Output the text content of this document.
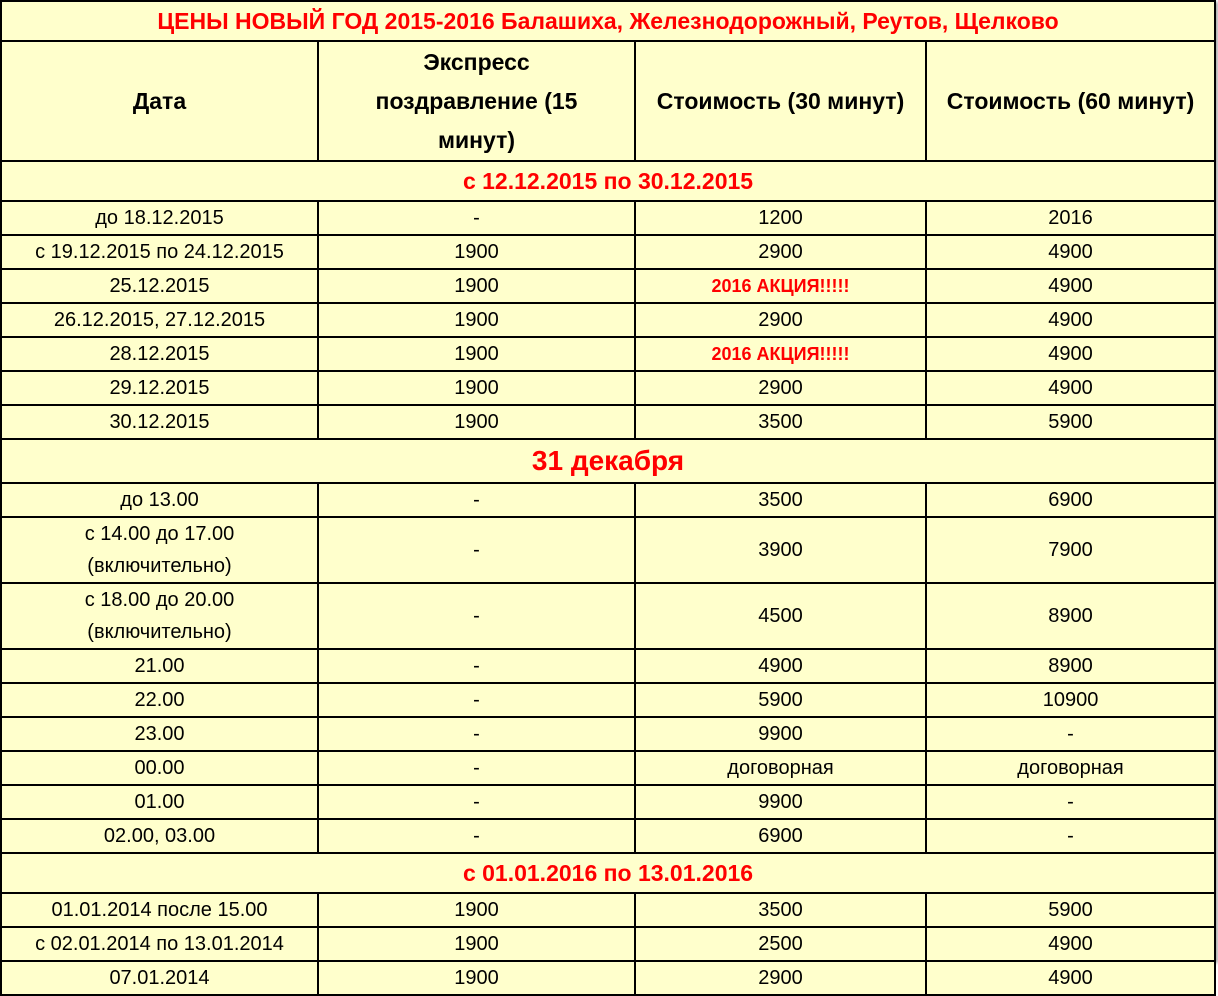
ЦЕНЫ НОВЫЙ ГОД 2015-2016 Балашиха, Железнодорожный, Реутов, Щелково			
Дата	Экспресс поздравление (15 минут)	Стоимость (30 минут)	Стоимость (60 минут)
с 12.12.2015 по 30.12.2015			
до 18.12.2015	-	1200	2016
с 19.12.2015 по 24.12.2015	1900	2900	4900
25.12.2015	1900	2016 АКЦИЯ!!!!!	4900
26.12.2015, 27.12.2015	1900	2900	4900
28.12.2015	1900	2016 АКЦИЯ!!!!!	4900
29.12.2015	1900	2900	4900
30.12.2015	1900	3500	5900
31 декабря			
до 13.00	-	3500	6900
с 14.00 до 17.00 (включительно)	-	3900	7900
с 18.00 до 20.00 (включительно)	-	4500	8900
21.00	-	4900	8900
22.00	-	5900	10900
23.00	-	9900	-
00.00	-	договорная	договорная
01.00	-	9900	-
02.00, 03.00	-	6900	-
с 01.01.2016 по 13.01.2016			
01.01.2014 после 15.00	1900	3500	5900
с 02.01.2014 по 13.01.2014	1900	2500	4900
07.01.2014	1900	2900	4900
